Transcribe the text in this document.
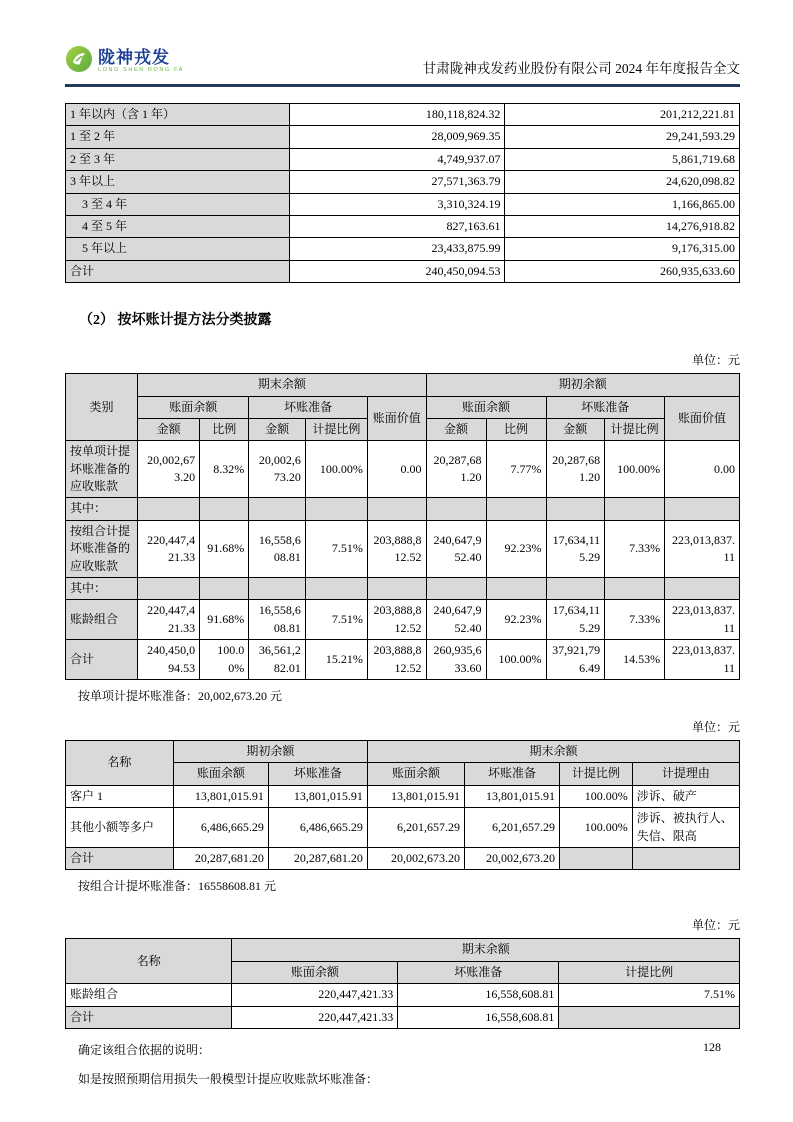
陇神戎发
LONG SHEN RONG FA	甘肃陇神戎发药业股份有限公司 2024 年年度报告全文
1 年以内（含 1 年）	180,118,824.32	201,212,221.81
1 至 2 年	28,009,969.35	29,241,593.29
2 至 3 年	4,749,937.07	5,861,719.68
3 年以上	27,571,363.79	24,620,098.82
3 至 4 年	3,310,324.19	1,166,865.00
4 至 5 年	827,163.61	14,276,918.82
5 年以上	23,433,875.99	9,176,315.00
合计	240,450,094.53	260,935,633.60
（2） 按坏账计提方法分类披露
单位：元
类别	期末余额					期初余额				
	账面余额		坏账准备		账面价值	账面余额		坏账准备		账面价值
	金额	比例	金额	计提比例		金额	比例	金额	计提比例	
按单项计提坏账准备的应收账款	20,002,673.20	8.32%	20,002,673.20	100.00%	0.00	20,287,681.20	7.77%	20,287,681.20	100.00%	0.00
其中：										
按组合计提坏账准备的应收账款	220,447,421.33	91.68%	16,558,608.81	7.51%	203,888,812.52	240,647,952.40	92.23%	17,634,115.29	7.33%	223,013,837.11
其中：										
账龄组合	220,447,421.33	91.68%	16,558,608.81	7.51%	203,888,812.52	240,647,952.40	92.23%	17,634,115.29	7.33%	223,013,837.11
合计	240,450,094.53	100.00%	36,561,282.01	15.21%	203,888,812.52	260,935,633.60	100.00%	37,921,796.49	14.53%	223,013,837.11

按单项计提坏账准备：20,002,673.20 元

单位：元
名称	期初余额		期末余额			
	账面余额	坏账准备	账面余额	坏账准备	计提比例	计提理由
客户 1	13,801,015.91	13,801,015.91	13,801,015.91	13,801,015.91	100.00%	涉诉、破产
其他小额等多户	6,486,665.29	6,486,665.29	6,201,657.29	6,201,657.29	100.00%	涉诉、被执行人、失信、限高
合计	20,287,681.20	20,287,681.20	20,002,673.20	20,002,673.20		

按组合计提坏账准备：16558608.81 元

单位：元
名称	期末余额		
	账面余额	坏账准备	计提比例
账龄组合	220,447,421.33	16,558,608.81	7.51%
合计	220,447,421.33	16,558,608.81	

确定该组合依据的说明：

如是按照预期信用损失一般模型计提应收账款坏账准备：

128
